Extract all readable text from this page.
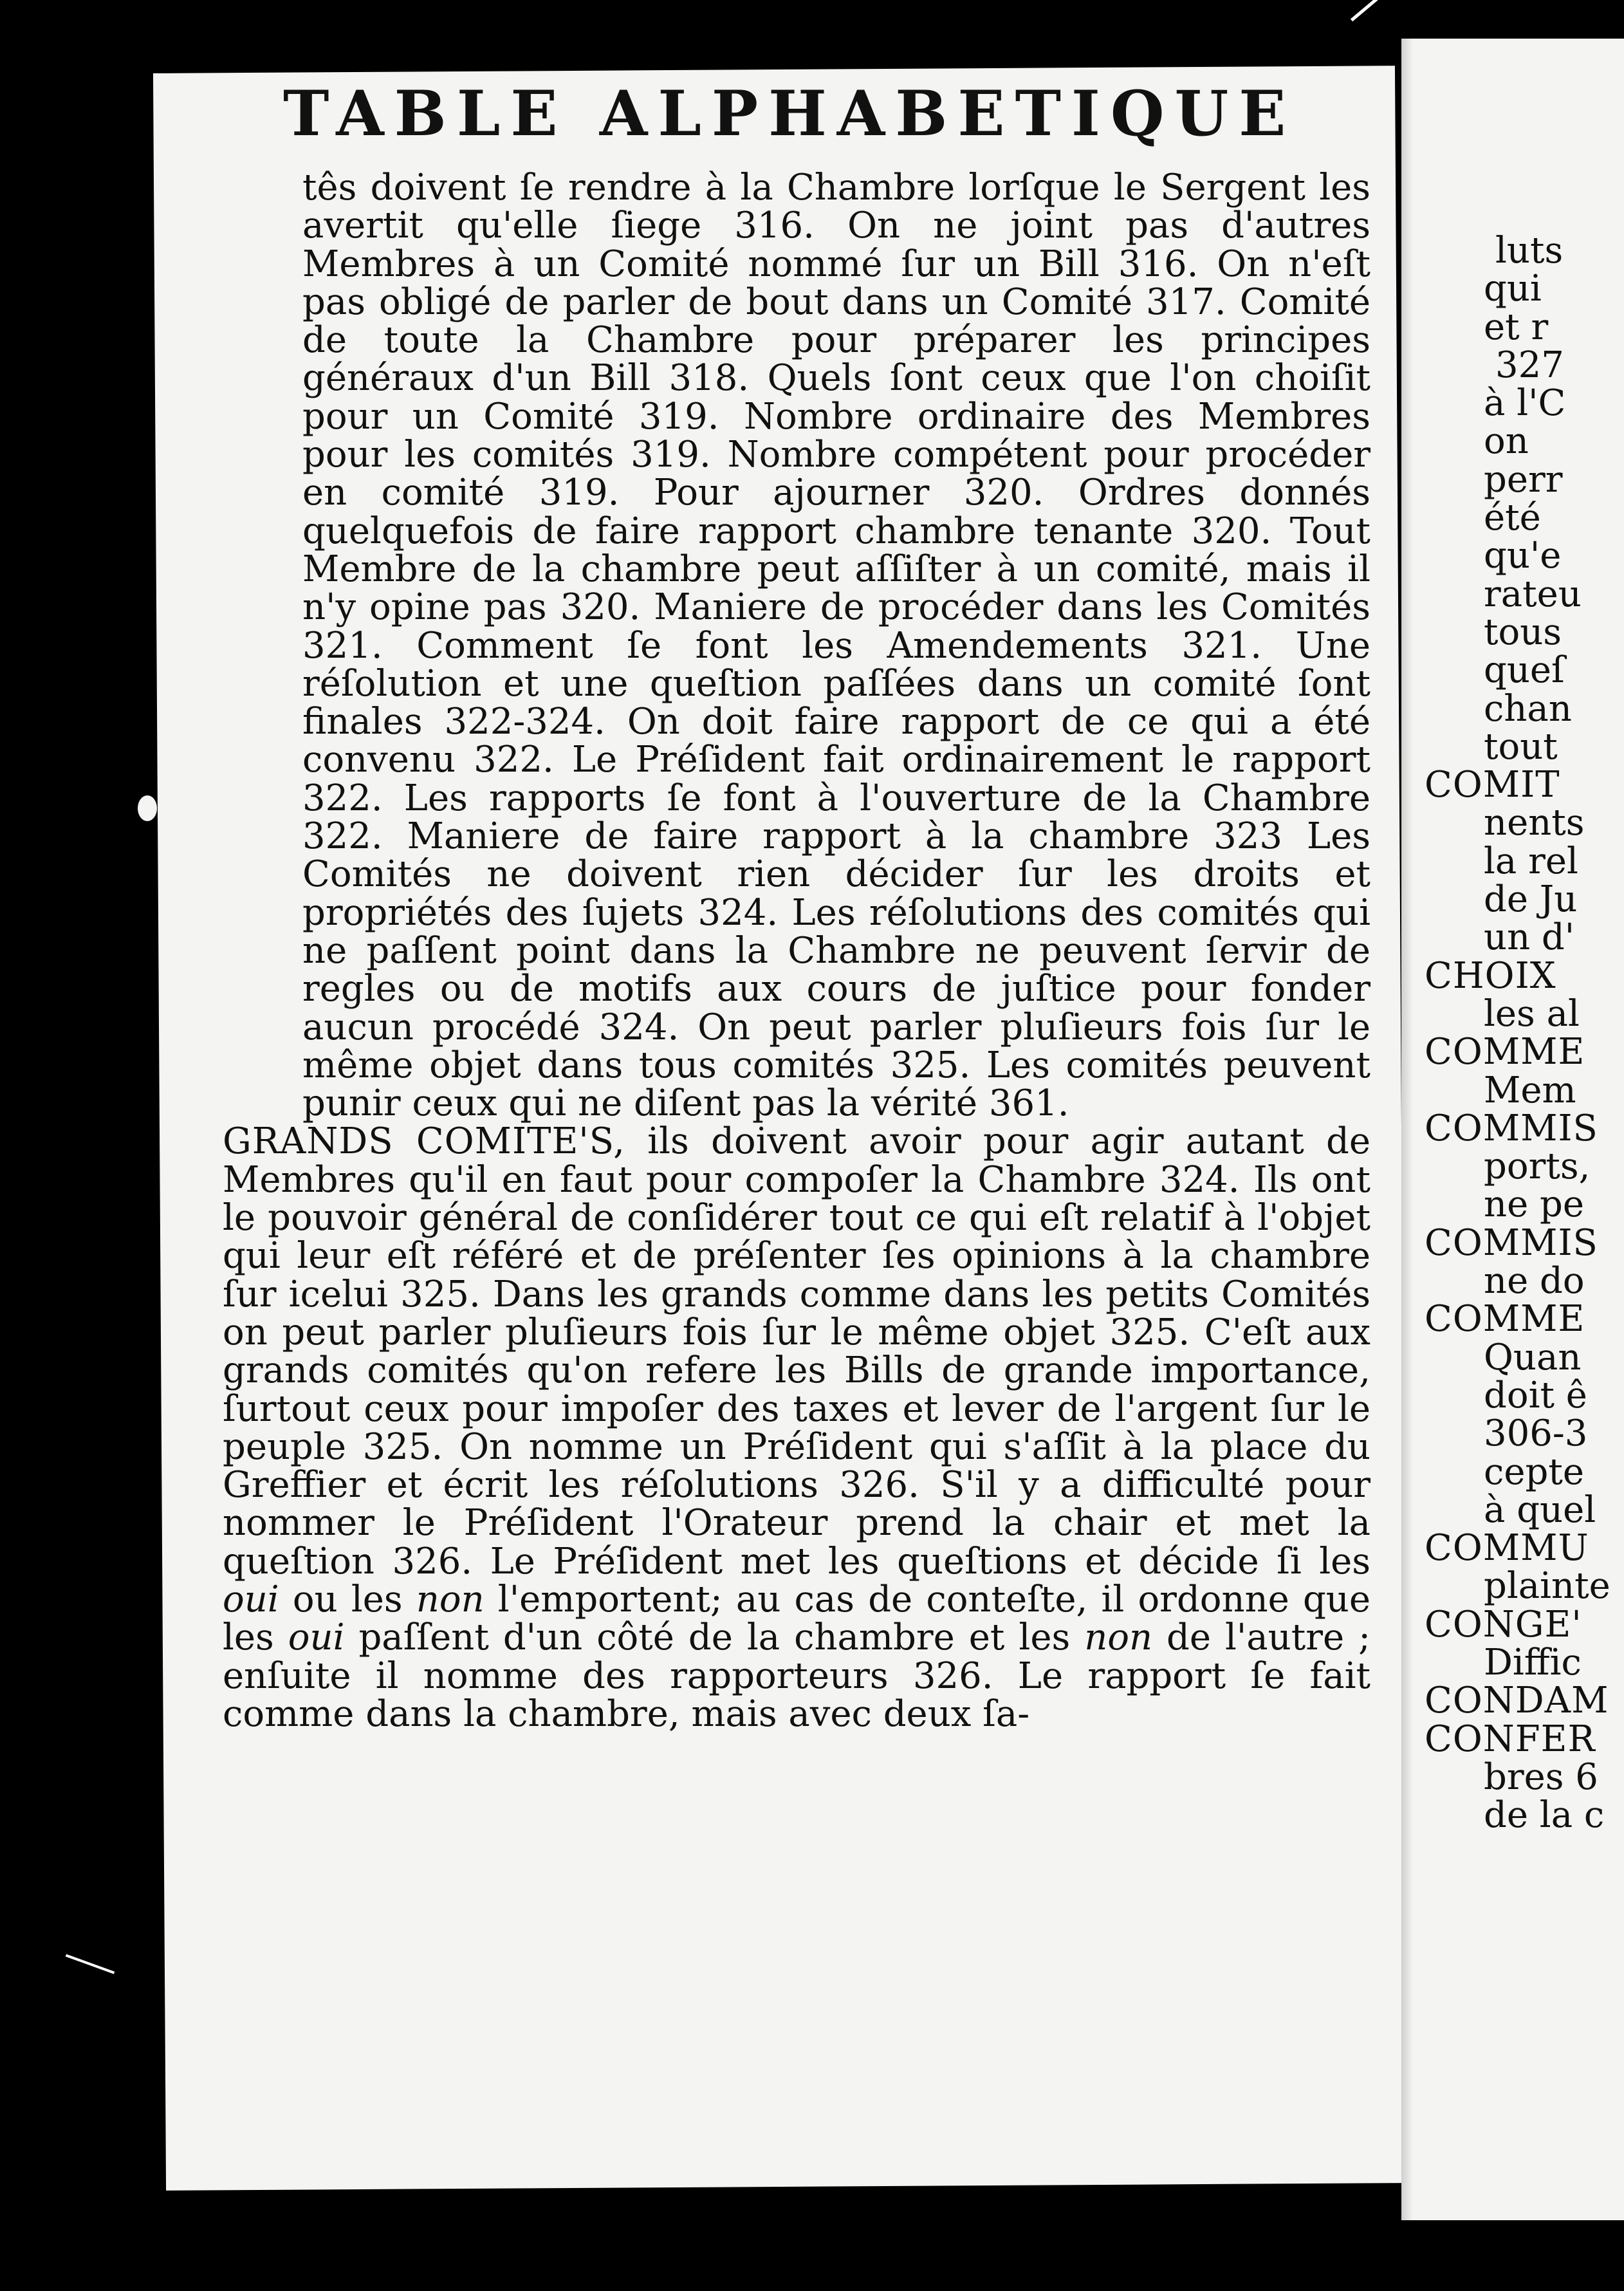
luts
qui
et r
327
à l'C
on
perr
été
qu'e
rateu
tous
queſ
chan
tout
COMIT
nents
la rel
de Ju
un d'
CHOIX
les al
COMME
Mem
COMMIS
ports,
ne pe
COMMIS
ne do
COMME
Quan
doit ê
306-3
cepte
à quel
COMMU
plainte
CONGE'
Diffic
CONDAM
CONFER
bres 6
de la c
TABLE ALPHABETIQUE

tês doivent ſe rendre à la Chambre lorſque le Sergent les avertit qu'elle ſiege 316. On ne joint pas d'autres Membres à un Comité nommé ſur un Bill 316. On n'eſt pas obligé de parler de bout dans un Comité 317. Comité de toute la Chambre pour préparer les principes généraux d'un Bill 318. Quels ſont ceux que l'on choiſit pour un Comité 319. Nombre ordinaire des Membres pour les comités 319. Nombre compétent pour procéder en comité 319. Pour ajourner 320. Ordres donnés quelquefois de faire rapport chambre tenante 320. Tout Membre de la chambre peut aſſiſter à un comité, mais il n'y opine pas 320. Maniere de procéder dans les Comités 321. Comment ſe font les Amendements 321. Une réſolution et une queſtion paſſées dans un comité ſont finales 322-324. On doit faire rapport de ce qui a été convenu 322. Le Préſident fait ordinairement le rapport 322. Les rapports ſe font à l'ouverture de la Chambre 322. Maniere de faire rapport à la chambre 323 Les Comités ne doivent rien décider ſur les droits et propriétés des ſujets 324. Les réſolutions des comités qui ne paſſent point dans la Chambre ne peuvent ſervir de regles ou de motifs aux cours de juſtice pour fonder aucun procédé 324. On peut parler pluſieurs fois ſur le même objet dans tous comités 325. Les comités peuvent punir ceux qui ne diſent pas la vérité 361.

GRANDS COMITE'S, ils doivent avoir pour agir autant de Membres qu'il en faut pour compoſer la Chambre 324. Ils ont le pouvoir général de conſidérer tout ce qui eſt relatif à l'objet qui leur eſt référé et de préſenter ſes opinions à la chambre ſur icelui 325. Dans les grands comme dans les petits Comités on peut parler pluſieurs fois ſur le même objet 325. C'eſt aux grands comités qu'on refere les Bills de grande importance, ſurtout ceux pour impoſer des taxes et lever de l'argent ſur le peuple 325. On nomme un Préſident qui s'aſſit à la place du Greffier et écrit les réſolutions 326. S'il y a difficulté pour nommer le Préſident l'Orateur prend la chair et met la queſtion 326. Le Préſident met les queſtions et décide ſi les oui ou les non l'emportent; au cas de conteſte, il ordonne que les oui paſſent d'un côté de la chambre et les non de l'autre ; enſuite il nomme des rapporteurs 326. Le rapport ſe fait comme dans la chambre, mais avec deux ſa-
